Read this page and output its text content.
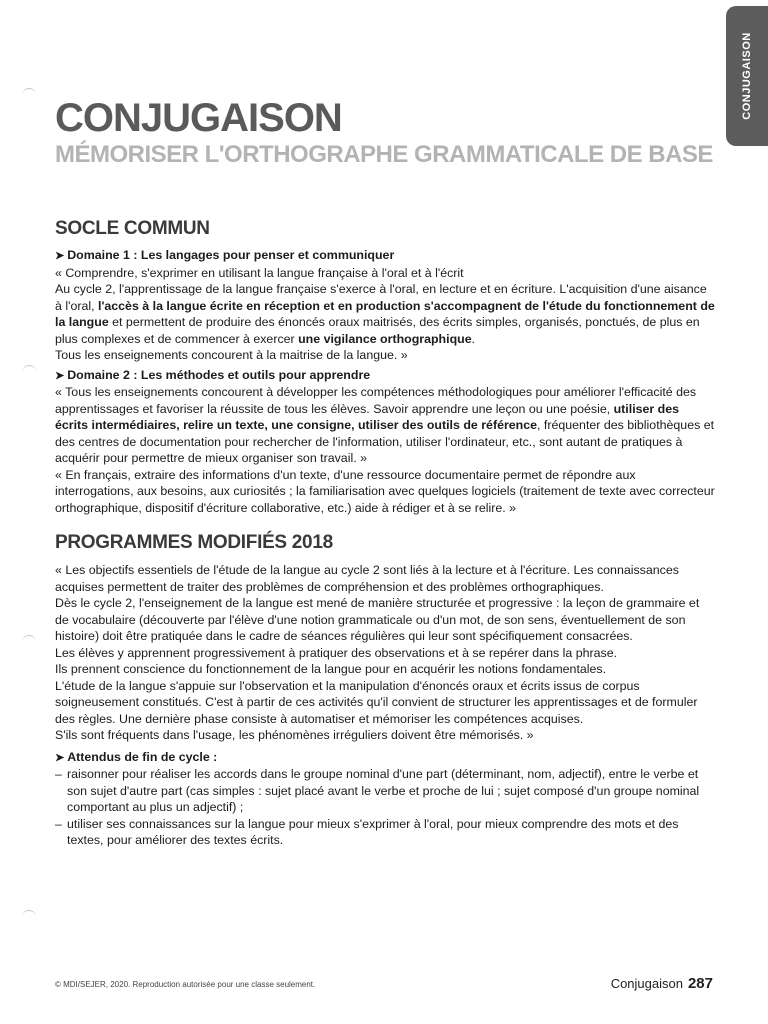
CONJUGAISON
CONJUGAISON
MÉMORISER L'ORTHOGRAPHE GRAMMATICALE DE BASE
SOCLE COMMUN

➤ Domaine 1 : Les langages pour penser et communiquer

« Comprendre, s'exprimer en utilisant la langue française à l'oral et à l'écrit

Au cycle 2, l'apprentissage de la langue française s'exerce à l'oral, en lecture et en écriture. L'acquisition d'une aisance à l'oral, l'accès à la langue écrite en réception et en production s'accompagnent de l'étude du fonctionnement de la langue et permettent de produire des énoncés oraux maitrisés, des écrits simples, organisés, ponctués, de plus en plus complexes et de commencer à exercer une vigilance orthographique.

Tous les enseignements concourent à la maitrise de la langue. »

➤ Domaine 2 : Les méthodes et outils pour apprendre

« Tous les enseignements concourent à développer les compétences méthodologiques pour améliorer l'efficacité des apprentissages et favoriser la réussite de tous les élèves. Savoir apprendre une leçon ou une poésie, utiliser des écrits intermédiaires, relire un texte, une consigne, utiliser des outils de référence, fréquenter des bibliothèques et des centres de documentation pour rechercher de l'information, utiliser l'ordinateur, etc., sont autant de pratiques à acquérir pour permettre de mieux organiser son travail. »

« En français, extraire des informations d'un texte, d'une ressource documentaire permet de répondre aux interrogations, aux besoins, aux curiosités ; la familiarisation avec quelques logiciels (traitement de texte avec correcteur orthographique, dispositif d'écriture collaborative, etc.) aide à rédiger et à se relire. »

PROGRAMMES MODIFIÉS 2018

« Les objectifs essentiels de l'étude de la langue au cycle 2 sont liés à la lecture et à l'écriture. Les connaissances acquises permettent de traiter des problèmes de compréhension et des problèmes orthographiques.

Dès le cycle 2, l'enseignement de la langue est mené de manière structurée et progressive : la leçon de grammaire et de vocabulaire (découverte par l'élève d'une notion grammaticale ou d'un mot, de son sens, éventuellement de son histoire) doit être pratiquée dans le cadre de séances régulières qui leur sont spécifiquement consacrées.

Les élèves y apprennent progressivement à pratiquer des observations et à se repérer dans la phrase.

Ils prennent conscience du fonctionnement de la langue pour en acquérir les notions fondamentales.

L'étude de la langue s'appuie sur l'observation et la manipulation d'énoncés oraux et écrits issus de corpus soigneusement constitués. C'est à partir de ces activités qu'il convient de structurer les apprentissages et de formuler des règles. Une dernière phase consiste à automatiser et mémoriser les compétences acquises.

S'ils sont fréquents dans l'usage, les phénomènes irréguliers doivent être mémorisés. »

➤ Attendus de fin de cycle :

– raisonner pour réaliser les accords dans le groupe nominal d'une part (déterminant, nom, adjectif), entre le verbe et son sujet d'autre part (cas simples : sujet placé avant le verbe et proche de lui ; sujet composé d'un groupe nominal comportant au plus un adjectif) ;
– utiliser ses connaissances sur la langue pour mieux s'exprimer à l'oral, pour mieux comprendre des mots et des textes, pour améliorer des textes écrits.
© MDI/SEJER, 2020. Reproduction autorisée pour une classe seulement.	Conjugaison 287
